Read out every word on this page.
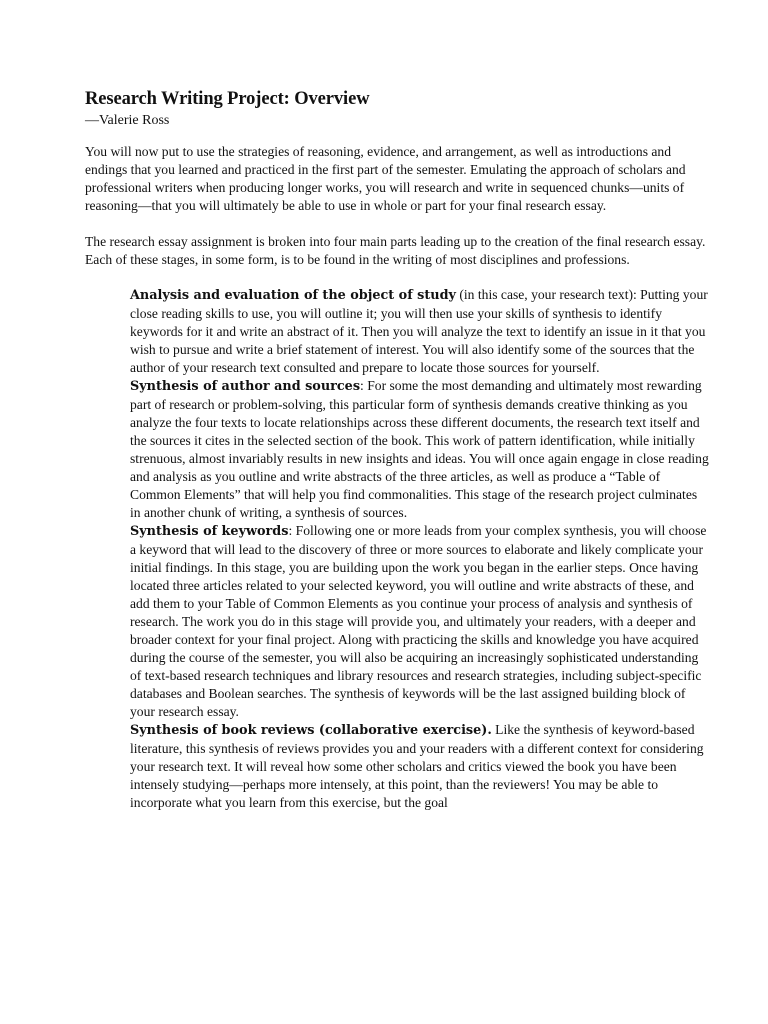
Research Writing Project: Overview

—Valerie Ross

You will now put to use the strategies of reasoning, evidence, and arrangement, as well as introductions and endings that you learned and practiced in the first part of the semester. Emulating the approach of scholars and professional writers when producing longer works, you will research and write in sequenced chunks—units of reasoning—that you will ultimately be able to use in whole or part for your final research essay.

The research essay assignment is broken into four main parts leading up to the creation of the final research essay. Each of these stages, in some form, is to be found in the writing of most disciplines and professions.

Analysis and evaluation of the object of study (in this case, your research text): Putting your close reading skills to use, you will outline it; you will then use your skills of synthesis to identify keywords for it and write an abstract of it. Then you will analyze the text to identify an issue in it that you wish to pursue and write a brief statement of interest. You will also identify some of the sources that the author of your research text consulted and prepare to locate those sources for yourself.

Synthesis of author and sources: For some the most demanding and ultimately most rewarding part of research or problem-solving, this particular form of synthesis demands creative thinking as you analyze the four texts to locate relationships across these different documents, the research text itself and the sources it cites in the selected section of the book. This work of pattern identification, while initially strenuous, almost invariably results in new insights and ideas. You will once again engage in close reading and analysis as you outline and write abstracts of the three articles, as well as produce a “Table of Common Elements” that will help you find commonalities. This stage of the research project culminates in another chunk of writing, a synthesis of sources.

Synthesis of keywords: Following one or more leads from your complex synthesis, you will choose a keyword that will lead to the discovery of three or more sources to elaborate and likely complicate your initial findings. In this stage, you are building upon the work you began in the earlier steps. Once having located three articles related to your selected keyword, you will outline and write abstracts of these, and add them to your Table of Common Elements as you continue your process of analysis and synthesis of research. The work you do in this stage will provide you, and ultimately your readers, with a deeper and broader context for your final project. Along with practicing the skills and knowledge you have acquired during the course of the semester, you will also be acquiring an increasingly sophisticated understanding of text-based research techniques and library resources and research strategies, including subject-specific databases and Boolean searches. The synthesis of keywords will be the last assigned building block of your research essay.

Synthesis of book reviews (collaborative exercise). Like the synthesis of keyword-based literature, this synthesis of reviews provides you and your readers with a different context for considering your research text. It will reveal how some other scholars and critics viewed the book you have been intensely studying—perhaps more intensely, at this point, than the reviewers! You may be able to incorporate what you learn from this exercise, but the goal
